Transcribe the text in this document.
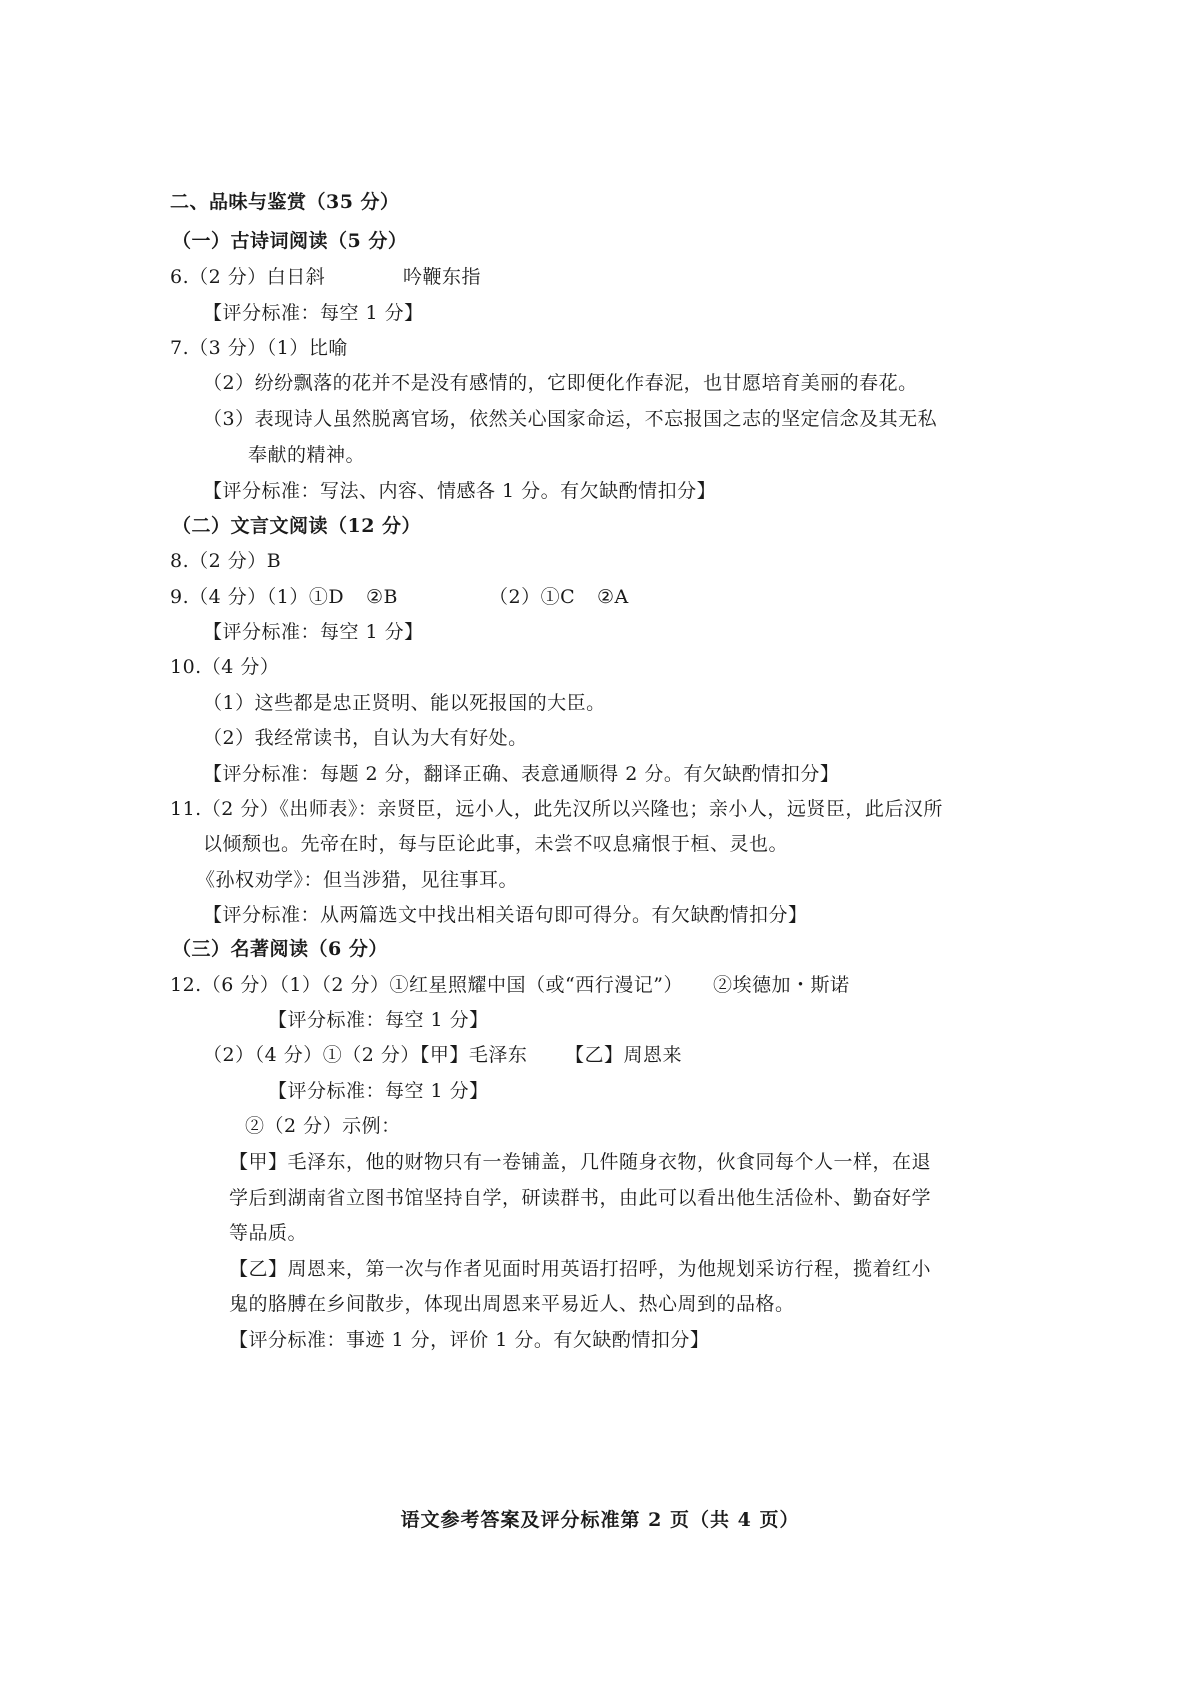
二、品味与鉴赏（35 分）
（一）古诗词阅读（5 分）
6.（2 分）白日斜	吟鞭东指
【评分标准：每空 1 分】
7.（3 分）（1）比喻
（2）纷纷飘落的花并不是没有感情的，它即便化作春泥，也甘愿培育美丽的春花。
（3）表现诗人虽然脱离官场，依然关心国家命运，不忘报国之志的坚定信念及其无私
奉献的精神。
【评分标准：写法、内容、情感各 1 分。有欠缺酌情扣分】
（二）文言文阅读（12 分）
8.（2 分）B
9.（4 分）（1）①D ②B	（2）①C ②A
【评分标准：每空 1 分】
10.（4 分）
（1）这些都是忠正贤明、能以死报国的大臣。
（2）我经常读书，自认为大有好处。
【评分标准：每题 2 分，翻译正确、表意通顺得 2 分。有欠缺酌情扣分】
11.（2 分）《出师表》：亲贤臣，远小人，此先汉所以兴隆也；亲小人，远贤臣，此后汉所
以倾颓也。先帝在时，每与臣论此事，未尝不叹息痛恨于桓、灵也。
《孙权劝学》：但当涉猎，见往事耳。
【评分标准：从两篇选文中找出相关语句即可得分。有欠缺酌情扣分】
（三）名著阅读（6 分）
12.（6 分）（1）（2 分）①红星照耀中国（或“西行漫记”） ②埃德加・斯诺
【评分标准：每空 1 分】
（2）（4 分）①（2 分）【甲】毛泽东 【乙】周恩来
【评分标准：每空 1 分】
②（2 分）示例：
【甲】毛泽东，他的财物只有一卷铺盖，几件随身衣物，伙食同每个人一样，在退
学后到湖南省立图书馆坚持自学，研读群书，由此可以看出他生活俭朴、勤奋好学
等品质。
【乙】周恩来，第一次与作者见面时用英语打招呼，为他规划采访行程，揽着红小
鬼的胳膊在乡间散步，体现出周恩来平易近人、热心周到的品格。
【评分标准：事迹 1 分，评价 1 分。有欠缺酌情扣分】
语文参考答案及评分标准第 2 页（共 4 页）
